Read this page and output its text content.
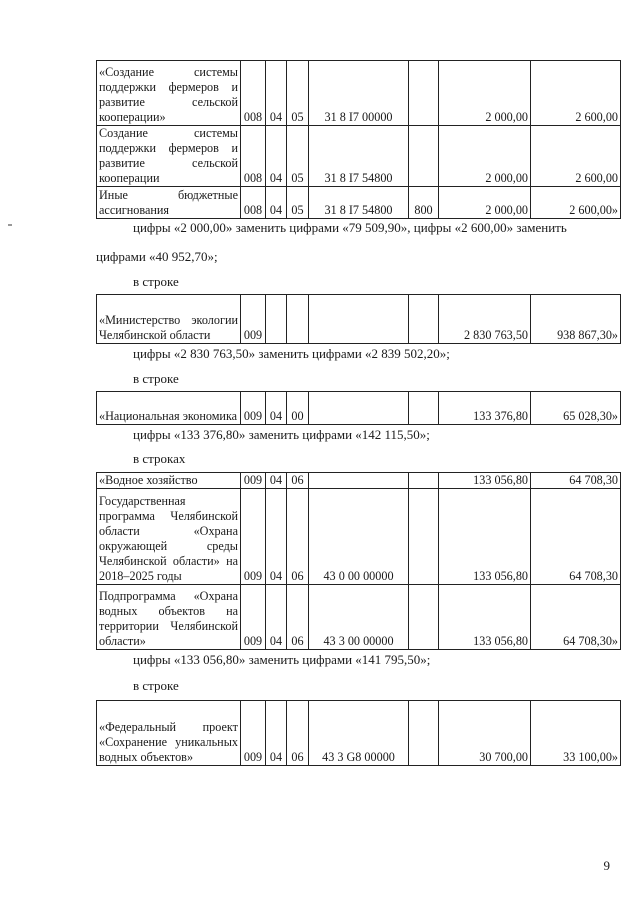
«Создание системы поддержки фермеров и развитие сельской кооперации»	008	04	05	31 8 I7 00000		2 000,00	2 600,00
Создание системы поддержки фермеров и развитие сельской кооперации	008	04	05	31 8 I7 54800		2 000,00	2 600,00
Иные бюджетные ассигнования	008	04	05	31 8 I7 54800	800	2 000,00	2 600,00»
цифры «2 000,00» заменить цифрами «79 509,90», цифры «2 600,00» заменить
цифрами «40 952,70»;
в строке
«Министерство экологии Челябинской области	009					2 830 763,50	938 867,30»
цифры «2 830 763,50» заменить цифрами «2 839 502,20»;
в строке
«Национальная экономика	009	04	00			133 376,80	65 028,30»
цифры «133 376,80» заменить цифрами «142 115,50»;
в строках
«Водное хозяйство	009	04	06			133 056,80	64 708,30
Государственная программа Челябинской области «Охрана окружающей среды Челябинской области» на 2018–2025 годы	009	04	06	43 0 00 00000		133 056,80	64 708,30
Подпрограмма «Охрана водных объектов на территории Челябинской области»	009	04	06	43 3 00 00000		133 056,80	64 708,30»
цифры «133 056,80» заменить цифрами «141 795,50»;
в строке
«Федеральный проект «Сохранение уникальных водных объектов»	009	04	06	43 3 G8 00000		30 700,00	33 100,00»
9
